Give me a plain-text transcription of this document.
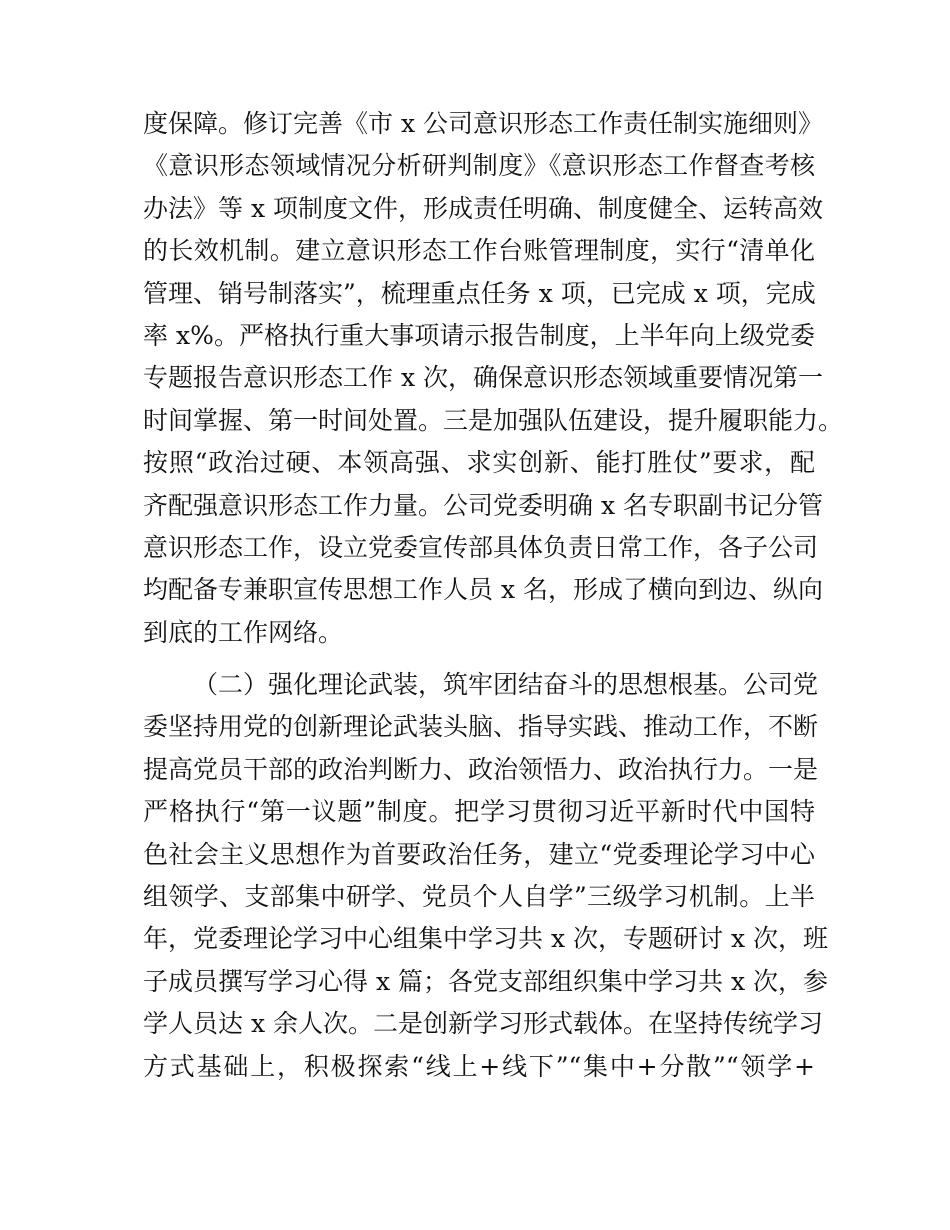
度保障。修订完善《市 x 公司意识形态工作责任制实施细则》
《意识形态领域情况分析研判制度》《意识形态工作督查考核
办法》等 x 项制度文件，形成责任明确、制度健全、运转高效
的长效机制。建立意识形态工作台账管理制度，实行“清单化
管理、销号制落实”，梳理重点任务 x 项，已完成 x 项，完成
率 x%。严格执行重大事项请示报告制度，上半年向上级党委
专题报告意识形态工作 x 次，确保意识形态领域重要情况第一
时间掌握、第一时间处置。三是加强队伍建设，提升履职能力。
按照“政治过硬、本领高强、求实创新、能打胜仗”要求，配
齐配强意识形态工作力量。公司党委明确 x 名专职副书记分管
意识形态工作，设立党委宣传部具体负责日常工作，各子公司
均配备专兼职宣传思想工作人员 x 名，形成了横向到边、纵向
到底的工作网络。
（二）强化理论武装，筑牢团结奋斗的思想根基。公司党
委坚持用党的创新理论武装头脑、指导实践、推动工作，不断
提高党员干部的政治判断力、政治领悟力、政治执行力。一是
严格执行“第一议题”制度。把学习贯彻习近平新时代中国特
色社会主义思想作为首要政治任务，建立“党委理论学习中心
组领学、支部集中研学、党员个人自学”三级学习机制。上半
年，党委理论学习中心组集中学习共 x 次，专题研讨 x 次，班
子成员撰写学习心得 x 篇；各党支部组织集中学习共 x 次，参
学人员达 x 余人次。二是创新学习形式载体。在坚持传统学习
方式基础上，积极探索“线上+线下”“集中+分散”“领学+
